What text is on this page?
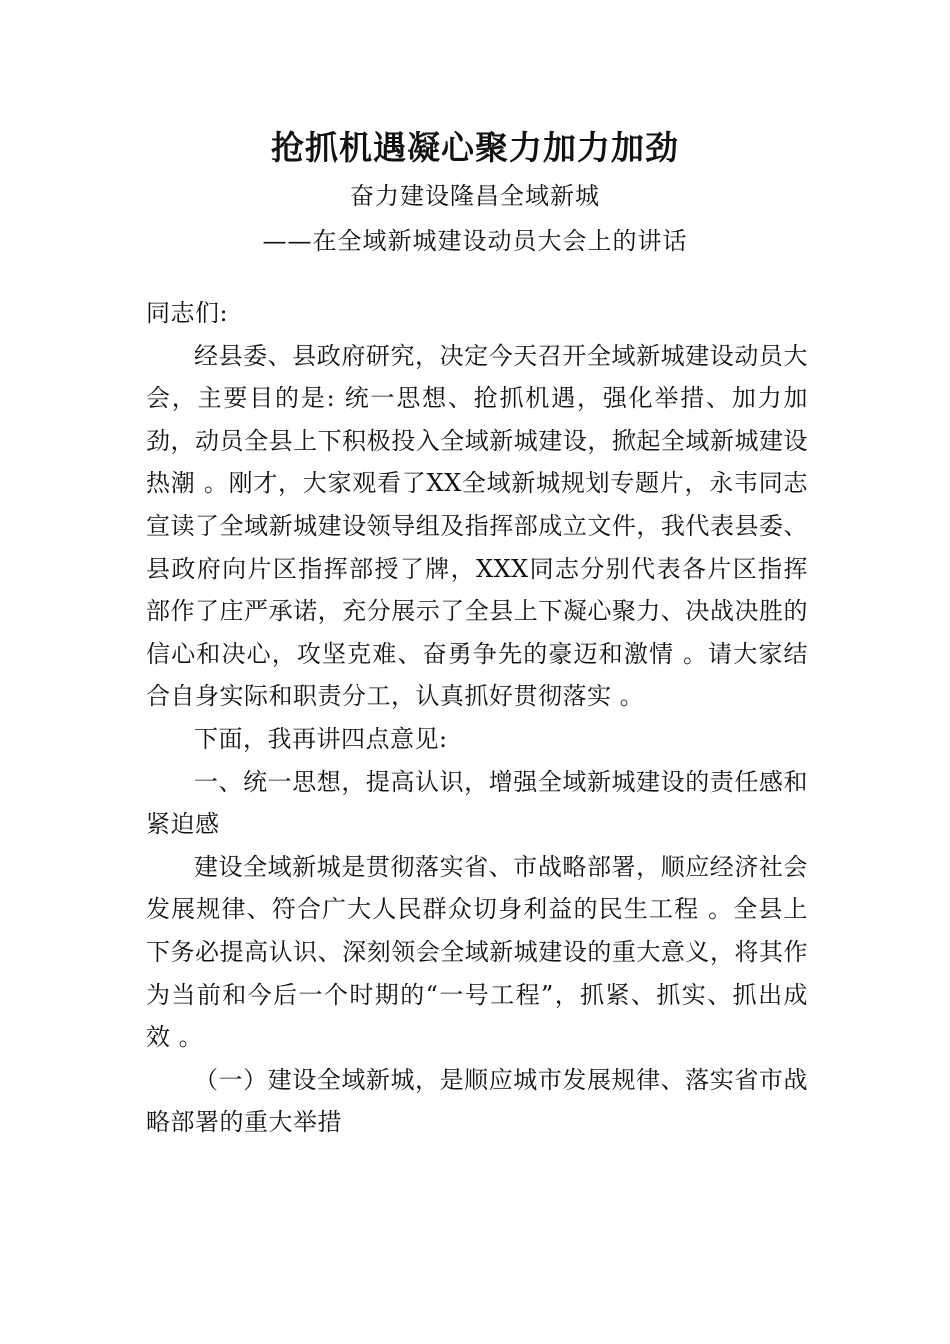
抢抓机遇凝心聚力加力加劲
奋力建设隆昌全域新城
——在全域新城建设动员大会上的讲话

同志们:

经县委、县政府研究，决定今天召开全域新城建设动员大会，主要目的是: 统一思想、抢抓机遇，强化举措、加力加劲，动员全县上下积极投入全域新城建设，掀起全域新城建设热潮 。刚才，大家观看了XX全域新城规划专题片，永韦同志宣读了全域新城建设领导组及指挥部成立文件，我代表县委、县政府向片区指挥部授了牌，XXX同志分别代表各片区指挥部作了庄严承诺，充分展示了全县上下凝心聚力、决战决胜的信心和决心，攻坚克难、奋勇争先的豪迈和激情 。请大家结合自身实际和职责分工，认真抓好贯彻落实 。

下面，我再讲四点意见:

一、统一思想，提高认识，增强全域新城建设的责任感和紧迫感

建设全域新城是贯彻落实省、市战略部署，顺应经济社会发展规律、符合广大人民群众切身利益的民生工程 。全县上下务必提高认识、深刻领会全域新城建设的重大意义，将其作为当前和今后一个时期的“一号工程”，抓紧、抓实、抓出成效 。

（一）建设全域新城，是顺应城市发展规律、落实省市战略部署的重大举措
